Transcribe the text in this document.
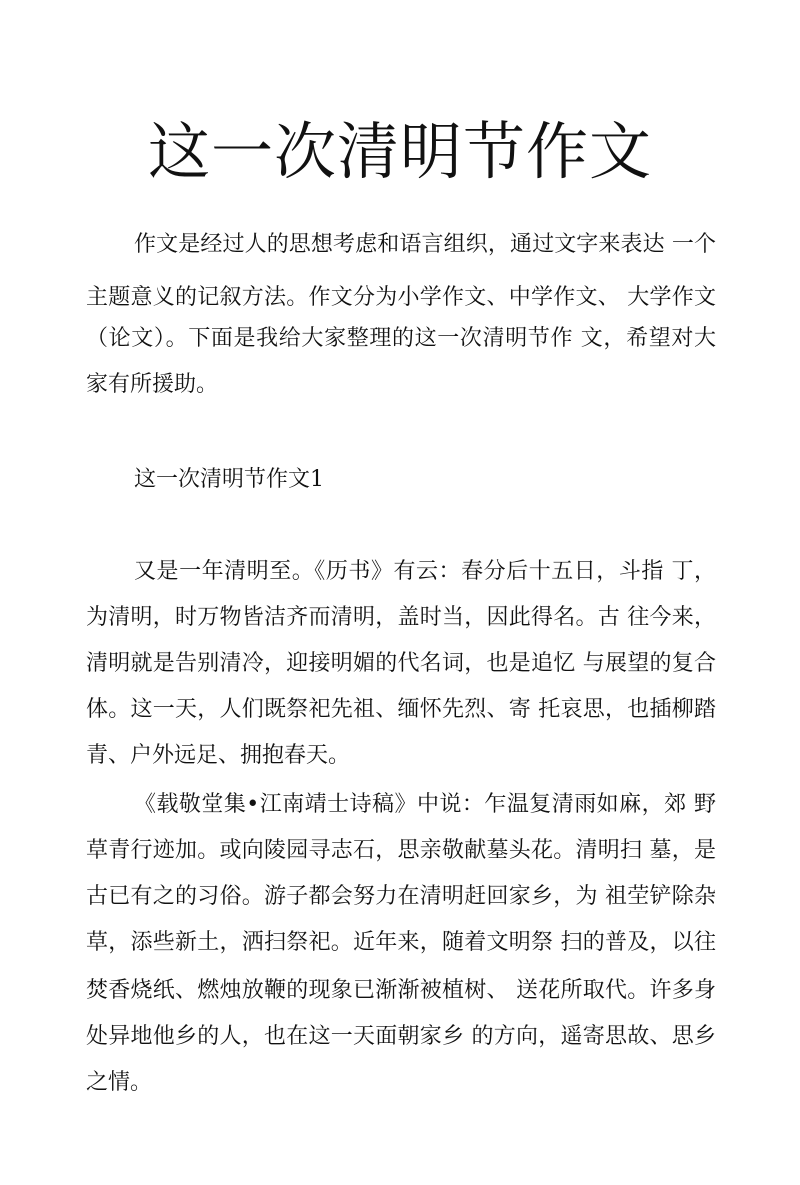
这一次清明节作文

作文是经过人的思想考虑和语言组织，通过文字来表达 一个

主题意义的记叙方法。作文分为小学作文、中学作文、 大学作文

（论文）。下面是我给大家整理的这一次清明节作 文，希望对大

家有所援助。

这一次清明节作文1

又是一年清明至。《历书》有云：春分后十五日，斗指 丁，

为清明，时万物皆洁齐而清明，盖时当，因此得名。古 往今来，

清明就是告别清冷，迎接明媚的代名词，也是追忆 与展望的复合

体。这一天，人们既祭祀先祖、缅怀先烈、寄 托哀思，也插柳踏

青、户外远足、拥抱春天。

《载敬堂集•江南靖士诗稿》中说：乍温复清雨如麻，郊 野

草青行迹加。或向陵园寻志石，思亲敬献墓头花。清明扫 墓，是

古已有之的习俗。游子都会努力在清明赶回家乡，为 祖茔铲除杂

草，添些新土，洒扫祭祀。近年来，随着文明祭 扫的普及，以往

焚香烧纸、燃烛放鞭的现象已渐渐被植树、 送花所取代。许多身

处异地他乡的人，也在这一天面朝家乡 的方向，遥寄思故、思乡

之情。
